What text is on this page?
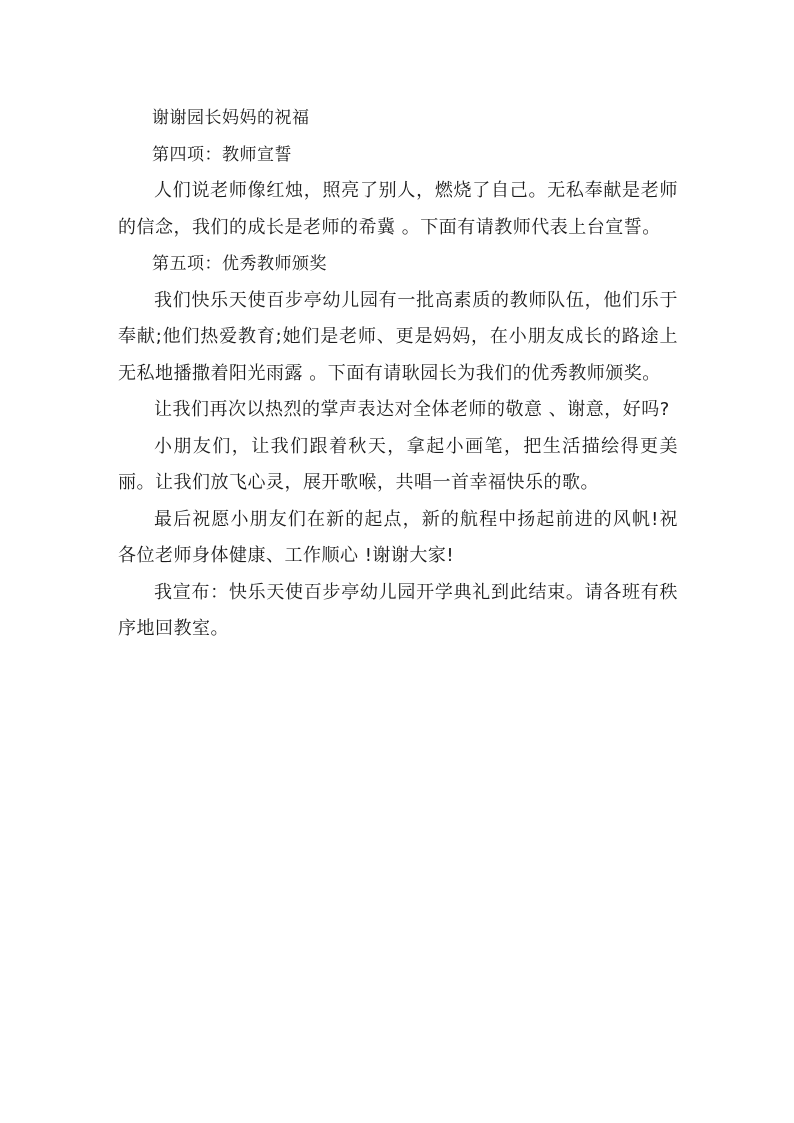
谢谢园长妈妈的祝福

第四项：教师宣誓

人们说老师像红烛，照亮了别人，燃烧了自己。无私奉献是老师的信念，我们的成长是老师的希冀 。下面有请教师代表上台宣誓。

第五项：优秀教师颁奖

我们快乐天使百步亭幼儿园有一批高素质的教师队伍，他们乐于奉献;他们热爱教育;她们是老师、更是妈妈，在小朋友成长的路途上无私地播撒着阳光雨露 。下面有请耿园长为我们的优秀教师颁奖。

让我们再次以热烈的掌声表达对全体老师的敬意 、谢意，好吗?

小朋友们，让我们跟着秋天，拿起小画笔，把生活描绘得更美丽。让我们放飞心灵，展开歌喉，共唱一首幸福快乐的歌。

最后祝愿小朋友们在新的起点，新的航程中扬起前进的风帆!祝各位老师身体健康、工作顺心 !谢谢大家!

我宣布：快乐天使百步亭幼儿园开学典礼到此结束。请各班有秩序地回教室。
